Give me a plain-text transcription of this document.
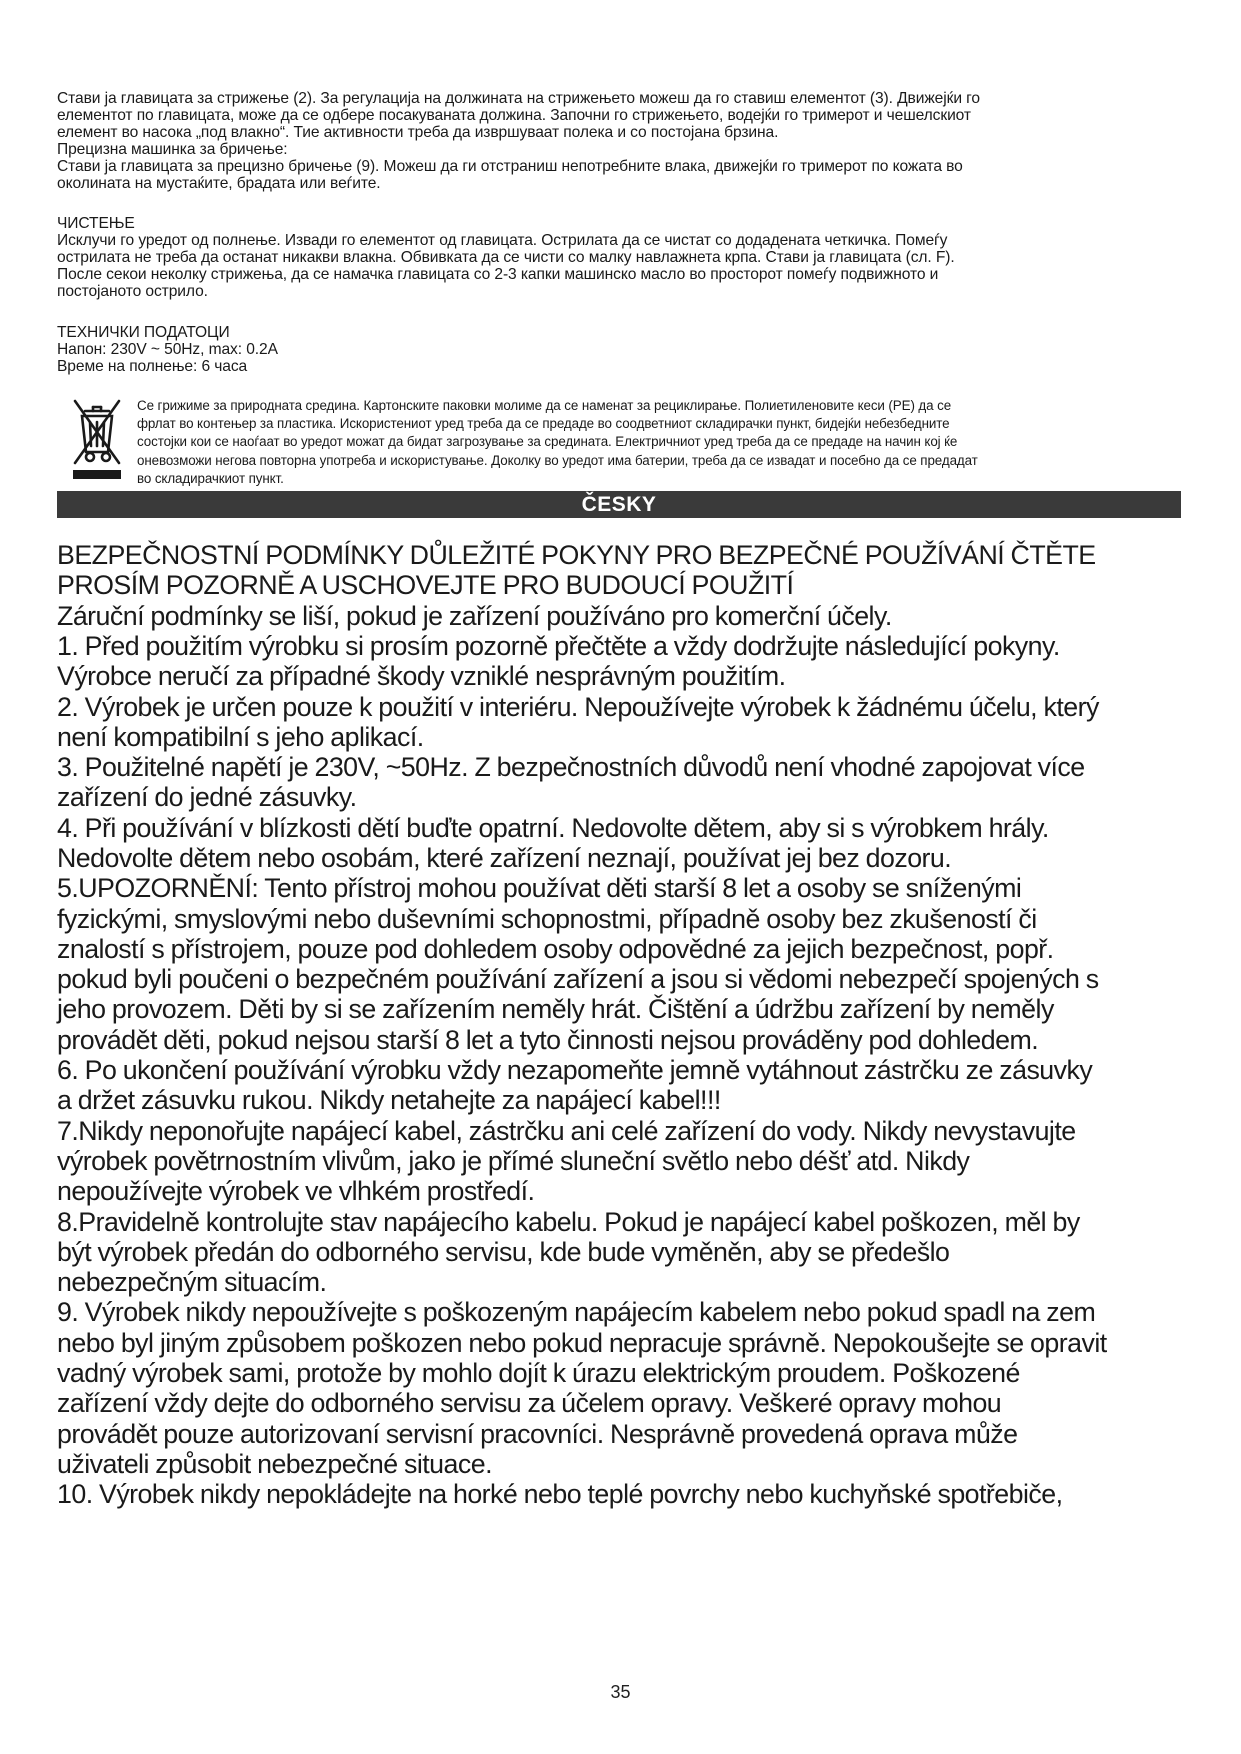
Стави ја главицата за стрижење (2). За регулација на должината на стрижењето можеш да го ставиш елементот (3). Движејќи го

елементот по главицата, може да се одбере посакуваната должина. Започни го стрижењето, водејќи го тримерот и чешелскиот

елемент во насока „под влакно“. Тие активности треба да извршуваат полека и со постојана брзина.

Прецизна машинка за бричење:

Стави ја главицата за прецизно бричење (9). Можеш да ги отстраниш непотребните влака, движејќи го тримерот по кожата во

околината на мустаќите, брадата или веѓите.

ЧИСТЕЊЕ

Исклучи го уредот од полнење. Извади го елементот од главицата. Острилата да се чистат со додадената четкичка. Помеѓу

острилата не треба да останат никакви влакна. Обвивката да се чисти со малку навлажнета крпа. Стави ја главицата (сл. F).

После секои неколку стрижења, да се намачка главицата со 2-3 капки машинско масло во просторот помеѓу подвижното и

постојаното острило.

ТЕХНИЧКИ ПОДАТОЦИ

Напон: 230V ~ 50Hz, max: 0.2A

Време на полнење: 6 часа

Се грижиме за природната средина. Картонските паковки молиме да се наменат за рециклирање. Полиетиленовите кеси (PE) да се
фрлат во контењер за пластика. Искористениот уред треба да се предаде во соодветниот складирачки пункт, бидејќи небезбедните
состојки кои се наоѓаат во уредот можат да бидат загрозување за средината. Електричниот уред треба да се предаде на начин кој ќе
оневозможи негова повторна употреба и искористување. Доколку во уредот има батерии, треба да се извадат и посебно да се предадат
во складирачкиот пункт.
ČESKY

BEZPEČNOSTNÍ PODMÍNKY DŮLEŽITÉ POKYNY PRO BEZPEČNÉ POUŽÍVÁNÍ ČTĚTE

PROSÍM POZORNĚ A USCHOVEJTE PRO BUDOUCÍ POUŽITÍ

Záruční podmínky se liší, pokud je zařízení používáno pro komerční účely.

1. Před použitím výrobku si prosím pozorně přečtěte a vždy dodržujte následující pokyny.

Výrobce neručí za případné škody vzniklé nesprávným použitím.

2. Výrobek je určen pouze k použití v interiéru. Nepoužívejte výrobek k žádnému účelu, který

není kompatibilní s jeho aplikací.

3. Použitelné napětí je 230V, ~50Hz. Z bezpečnostních důvodů není vhodné zapojovat více

zařízení do jedné zásuvky.

4. Při používání v blízkosti dětí buďte opatrní. Nedovolte dětem, aby si s výrobkem hrály.

Nedovolte dětem nebo osobám, které zařízení neznají, používat jej bez dozoru.

5.UPOZORNĚNÍ: Tento přístroj mohou používat děti starší 8 let a osoby se sníženými

fyzickými, smyslovými nebo duševními schopnostmi, případně osoby bez zkušeností či

znalostí s přístrojem, pouze pod dohledem osoby odpovědné za jejich bezpečnost, popř.

pokud byli poučeni o bezpečném používání zařízení a jsou si vědomi nebezpečí spojených s

jeho provozem. Děti by si se zařízením neměly hrát. Čištění a údržbu zařízení by neměly

provádět děti, pokud nejsou starší 8 let a tyto činnosti nejsou prováděny pod dohledem.

6. Po ukončení používání výrobku vždy nezapomeňte jemně vytáhnout zástrčku ze zásuvky

a držet zásuvku rukou. Nikdy netahejte za napájecí kabel!!!

7.Nikdy neponořujte napájecí kabel, zástrčku ani celé zařízení do vody. Nikdy nevystavujte

výrobek povětrnostním vlivům, jako je přímé sluneční světlo nebo déšť atd. Nikdy

nepoužívejte výrobek ve vlhkém prostředí.

8.Pravidelně kontrolujte stav napájecího kabelu. Pokud je napájecí kabel poškozen, měl by

být výrobek předán do odborného servisu, kde bude vyměněn, aby se předešlo

nebezpečným situacím.

9. Výrobek nikdy nepoužívejte s poškozeným napájecím kabelem nebo pokud spadl na zem

nebo byl jiným způsobem poškozen nebo pokud nepracuje správně. Nepokoušejte se opravit

vadný výrobek sami, protože by mohlo dojít k úrazu elektrickým proudem. Poškozené

zařízení vždy dejte do odborného servisu za účelem opravy. Veškeré opravy mohou

provádět pouze autorizovaní servisní pracovníci. Nesprávně provedená oprava může

uživateli způsobit nebezpečné situace.

10. Výrobek nikdy nepokládejte na horké nebo teplé povrchy nebo kuchyňské spotřebiče,

35
